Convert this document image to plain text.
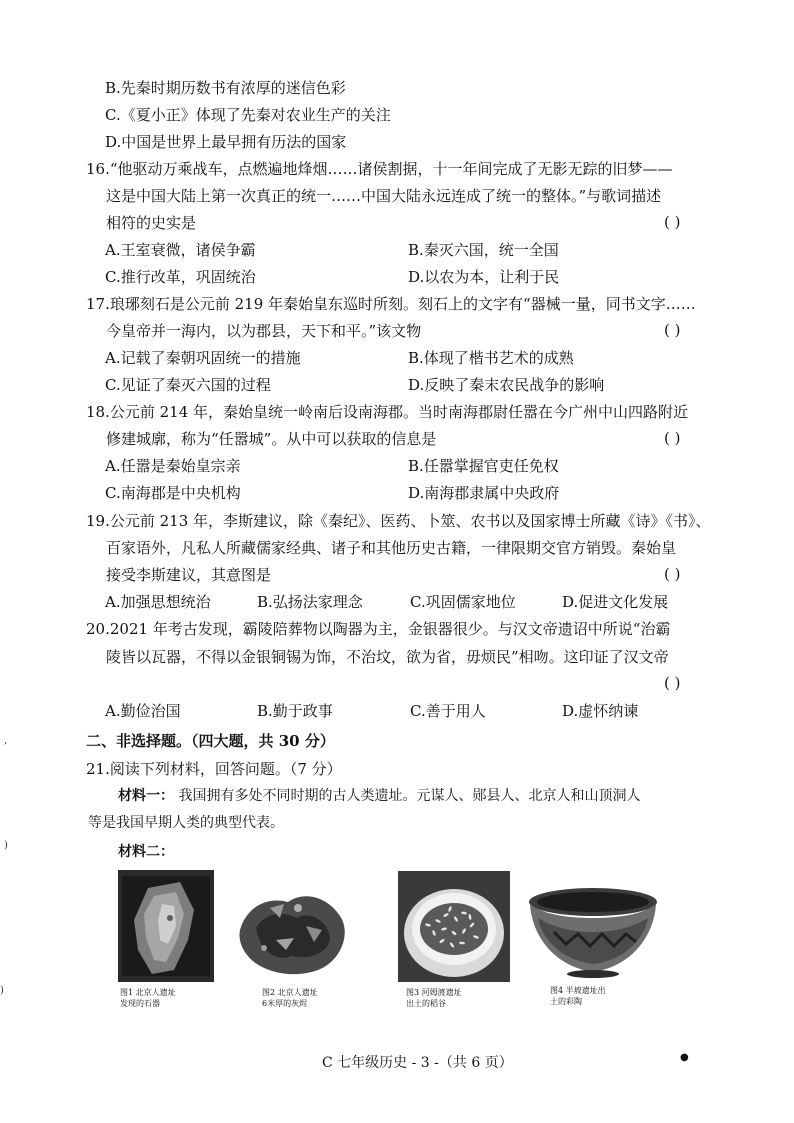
B.先秦时期历数书有浓厚的迷信色彩
C.《夏小正》体现了先秦对农业生产的关注
D.中国是世界上最早拥有历法的国家
16.“他驱动万乘战车，点燃遍地烽烟……诸侯割据，十一年间完成了无影无踪的旧梦——
这是中国大陆上第一次真正的统一……中国大陆永远连成了统一的整体。”与歌词描述
相符的史实是	( )
A.王室衰微，诸侯争霸	B.秦灭六国，统一全国
C.推行改革，巩固统治	D.以农为本，让利于民
17.琅琊刻石是公元前 219 年秦始皇东巡时所刻。刻石上的文字有“器械一量，同书文字……
今皇帝并一海内，以为郡县，天下和平。”该文物	( )
A.记载了秦朝巩固统一的措施	B.体现了楷书艺术的成熟
C.见证了秦灭六国的过程	D.反映了秦末农民战争的影响
18.公元前 214 年，秦始皇统一岭南后设南海郡。当时南海郡尉任嚣在今广州中山四路附近
修建城廓，称为“任嚣城”。从中可以获取的信息是	( )
A.任嚣是秦始皇宗亲	B.任嚣掌握官吏任免权
C.南海郡是中央机构	D.南海郡隶属中央政府
19.公元前 213 年，李斯建议，除《秦纪》、医药、卜筮、农书以及国家博士所藏《诗》《书》、
百家语外，凡私人所藏儒家经典、诸子和其他历史古籍，一律限期交官方销毁。秦始皇
接受李斯建议，其意图是	( )
A.加强思想统治	B.弘扬法家理念	C.巩固儒家地位	D.促进文化发展
20.2021 年考古发现，霸陵陪葬物以陶器为主，金银器很少。与汉文帝遗诏中所说“治霸
陵皆以瓦器，不得以金银铜锡为饰，不治坟，欲为省，毋烦民”相吻。这印证了汉文帝
( )
A.勤俭治国	B.勤于政事	C.善于用人	D.虚怀纳谏
二、非选择题。（四大题，共 30 分）
21.阅读下列材料，回答问题。（7 分）
材料一： 我国拥有多处不同时期的古人类遗址。元谋人、郧县人、北京人和山顶洞人
等是我国早期人类的典型代表。
材料二：
图1 北京人遗址
发现的石器
图2 北京人遗址
6米厚的灰烬
图3 河姆渡遗址
出土的稻谷
图4 半坡遗址出
土的彩陶
C 七年级历史 - 3 -（共 6 页）	●
‚
)
)
